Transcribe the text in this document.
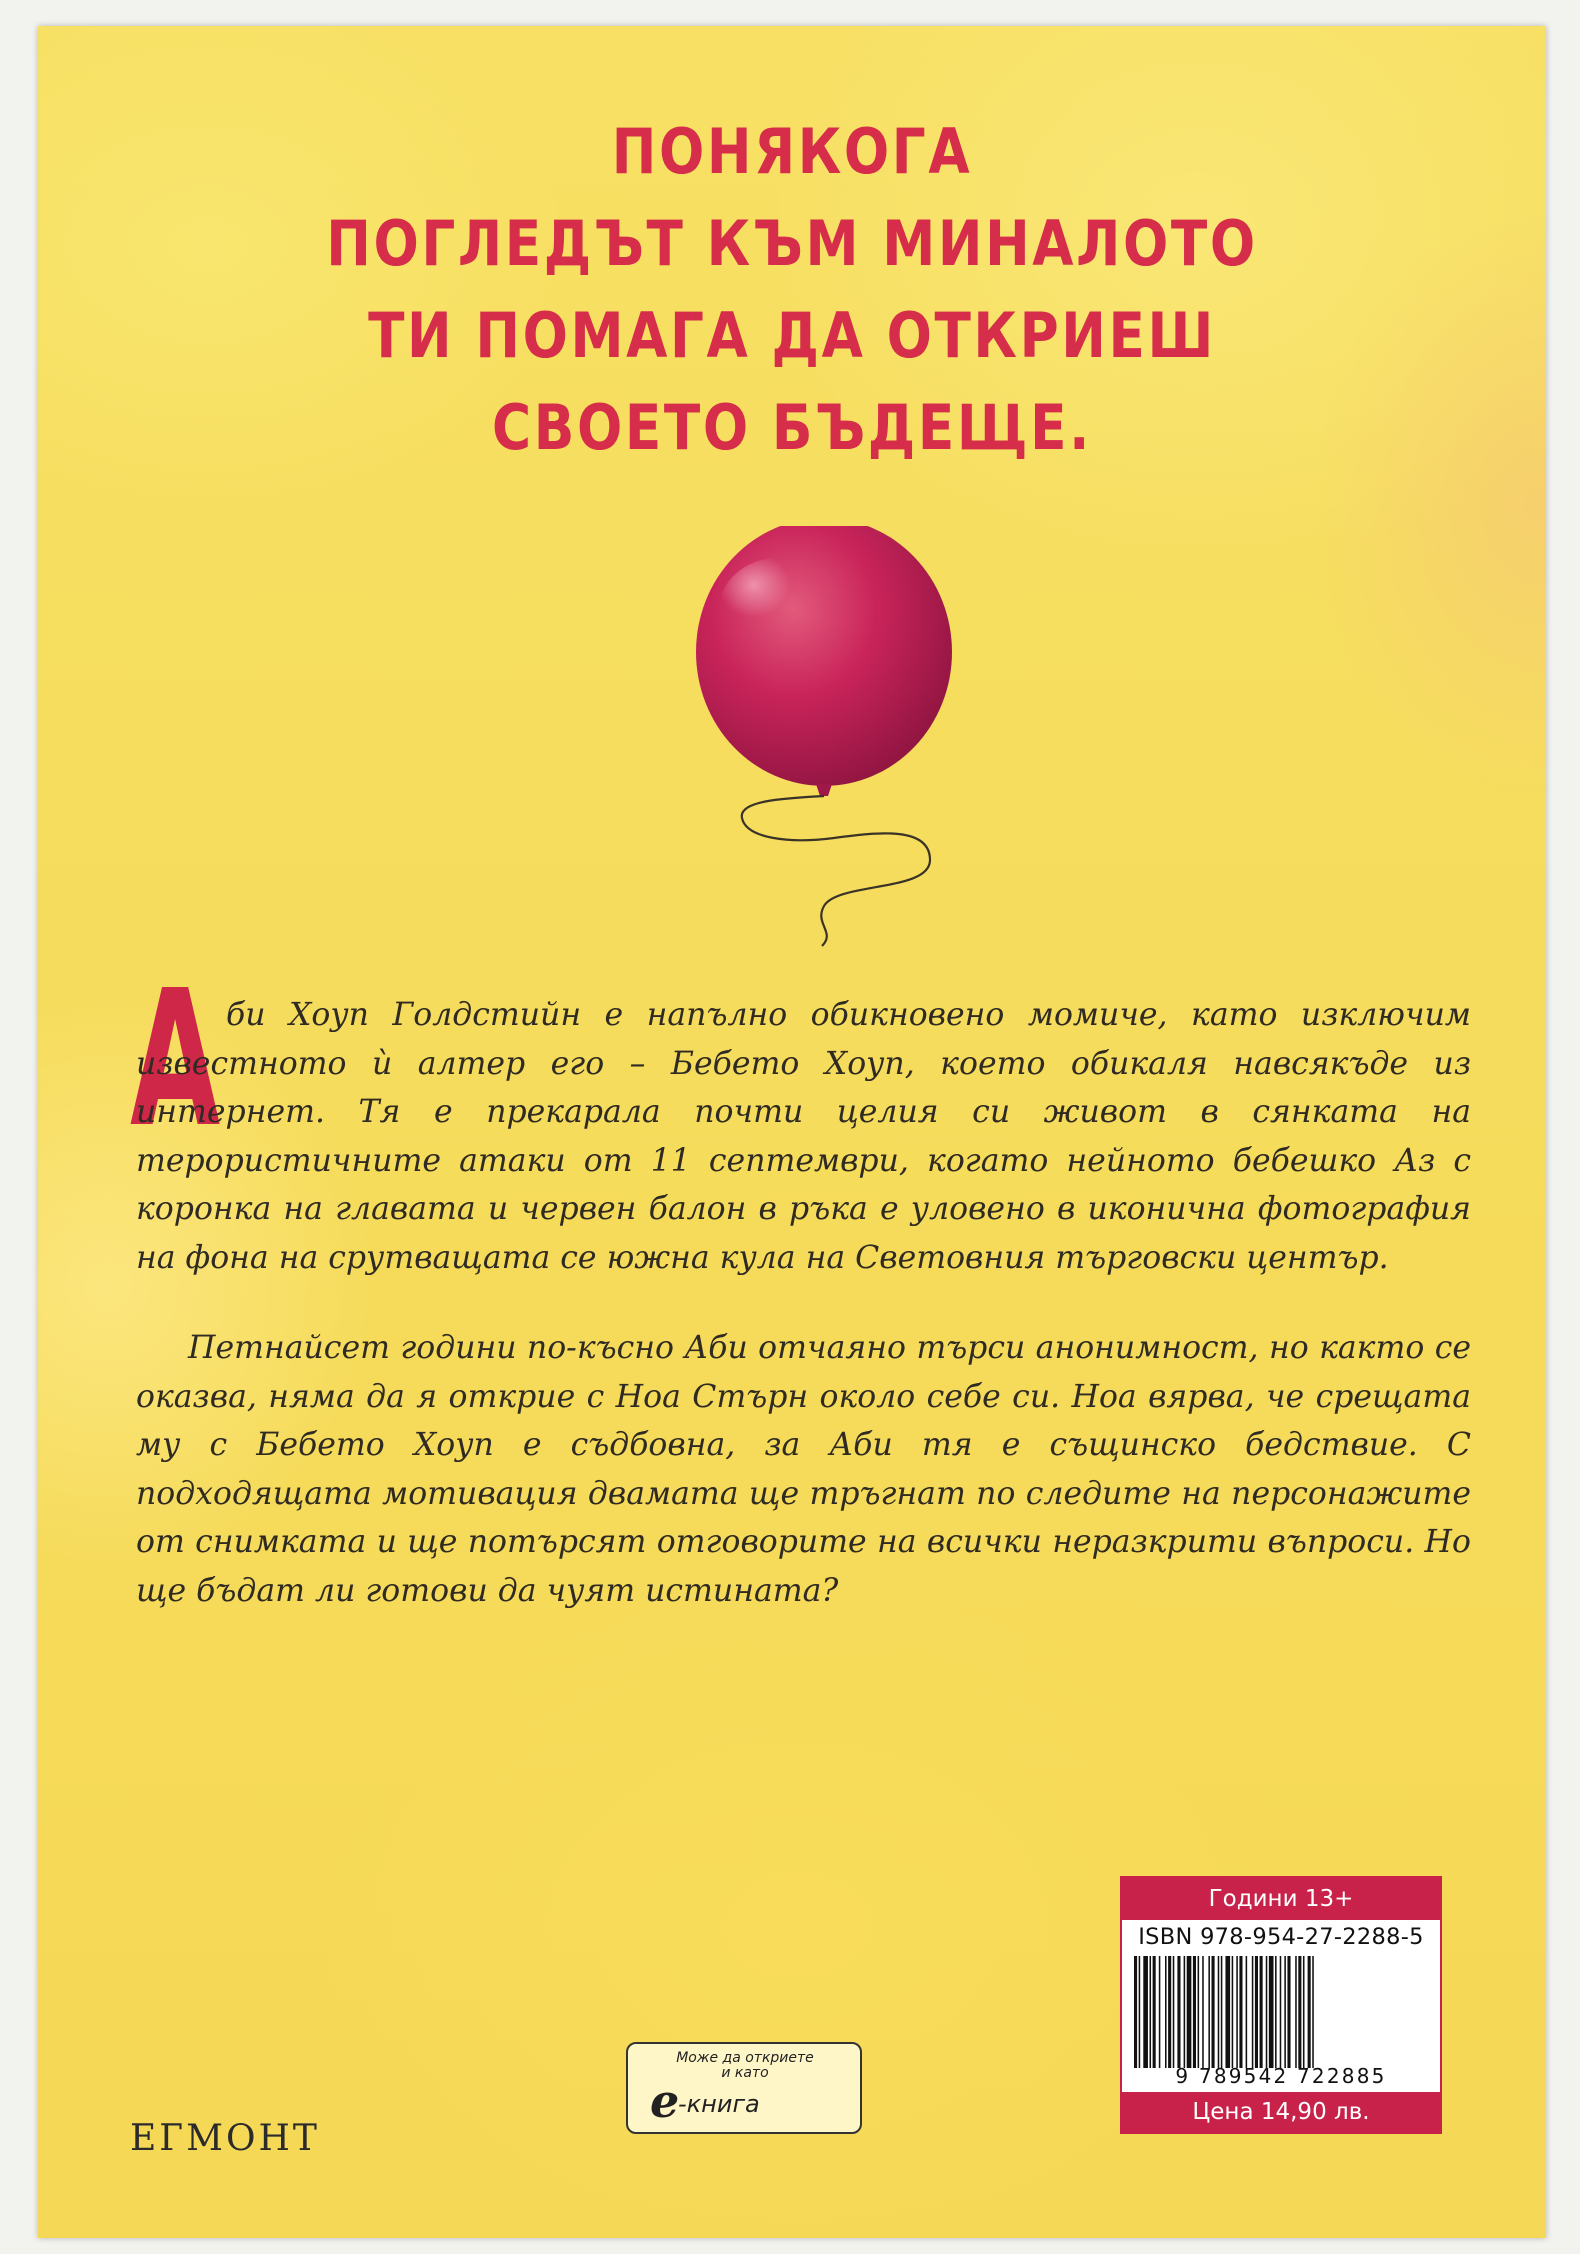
ПОНЯКОГА
ПОГЛЕДЪТ КЪМ МИНАЛОТО
ТИ ПОМАГА ДА ОТКРИЕШ
СВОЕТО БЪДЕЩЕ.
А би Хоуп Голдстийн е напълно обикновено момиче, като изключим известното ѝ алтер его – Бебето Хоуп, което обикаля навсякъде из интернет. Тя е прекарала почти целия си живот в сянката на терористичните атаки от 11 септември, когато нейното бебешко Аз с коронка на главата и червен балон в ръка е уловено в иконична фотография на фона на срутващата се южна кула на Световния търговски център.

Петнайсет години по-късно Аби отчаяно търси анонимност, но както се оказва, няма да я открие с Ноа Стърн около себе си. Ноа вярва, че срещата му с Бебето Хоуп е съдбовна, за Аби тя е същинско бедствие. С подходящата мотивация двамата ще тръгнат по следите на персонажите от снимката и ще потърсят отговорите на всички неразкрити въпроси. Но ще бъдат ли готови да чуят истината?

ЕГМОНТ
Може да откриете
и като
e
-книга
Години 13+
ISBN 978-954-27-2288-5
9 789542 722885
Цена 14,90 лв.
